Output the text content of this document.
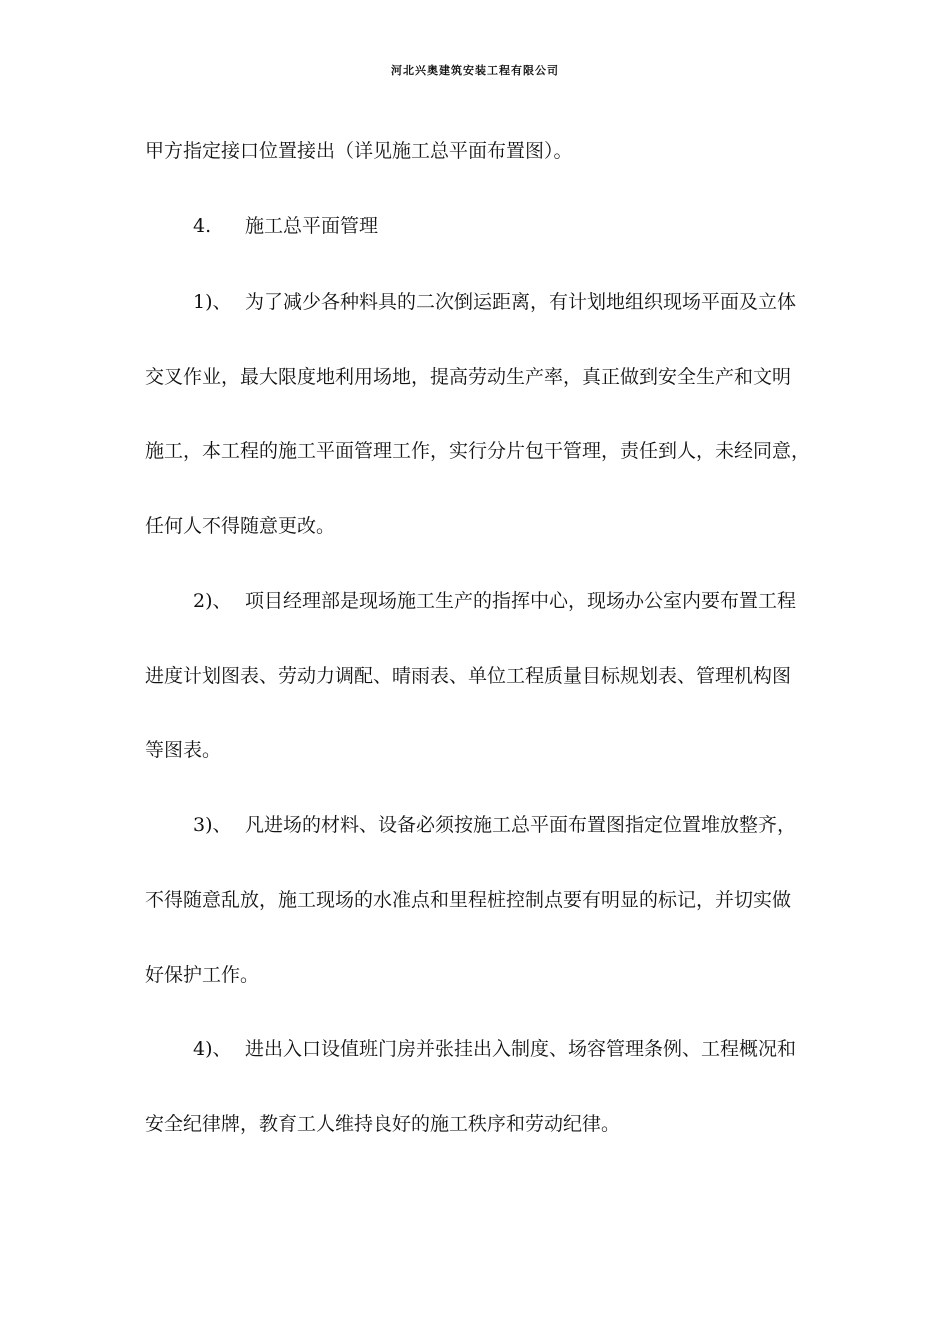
河北兴奥建筑安装工程有限公司
甲方指定接口位置接出（详见施工总平面布置图）。
4. 施工总平面管理
1)、 为了减少各种料具的二次倒运距离，有计划地组织现场平面及立体
交叉作业，最大限度地利用场地，提高劳动生产率，真正做到安全生产和文明
施工，本工程的施工平面管理工作，实行分片包干管理，责任到人，未经同意，
任何人不得随意更改。
2)、 项目经理部是现场施工生产的指挥中心，现场办公室内要布置工程
进度计划图表、劳动力调配、晴雨表、单位工程质量目标规划表、管理机构图
等图表。
3)、 凡进场的材料、设备必须按施工总平面布置图指定位置堆放整齐，
不得随意乱放，施工现场的水准点和里程桩控制点要有明显的标记，并切实做
好保护工作。
4)、 进出入口设值班门房并张挂出入制度、场容管理条例、工程概况和
安全纪律牌，教育工人维持良好的施工秩序和劳动纪律。
